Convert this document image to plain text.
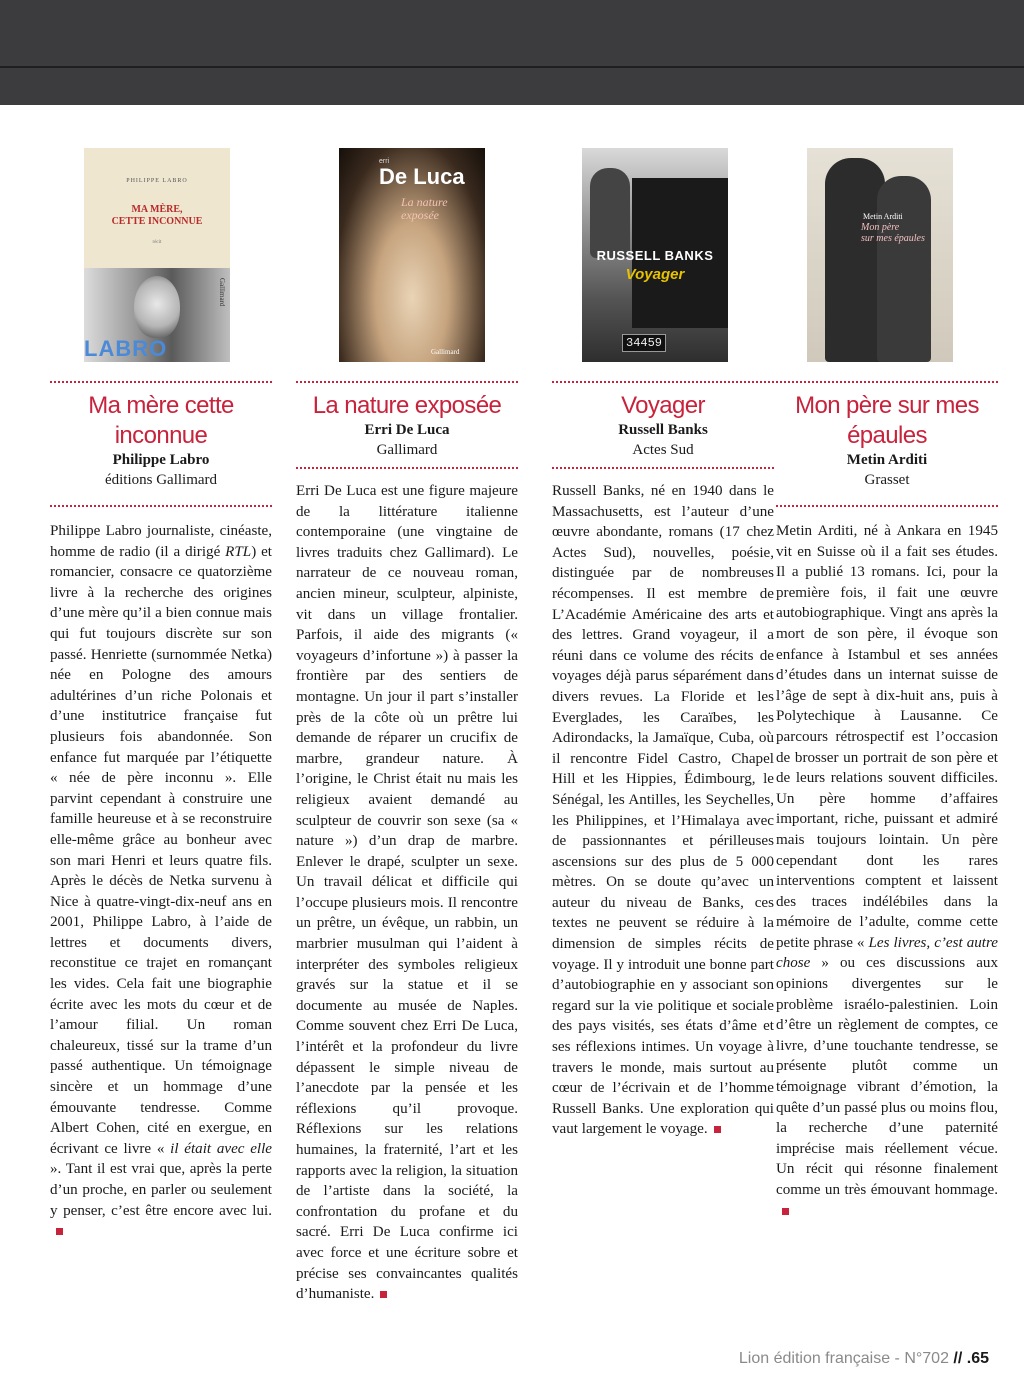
PHILIPPE LABRO
MA MÈRE,
CETTE INCONNUE
récit
Gallimard
LABRO
Ma mère cette inconnue
Philippe Labro
éditions Gallimard

Philippe Labro journaliste, cinéaste, homme de radio (il a dirigé RTL) et romancier, consacre ce quatorzième livre à la recherche des origines d’une mère qu’il a bien connue mais qui fut toujours discrète sur son passé. Henriette (surnommée Netka) née en Pologne des amours adultérines d’un riche Polonais et d’une institutrice française fut plusieurs fois abandonnée. Son enfance fut marquée par l’étiquette « née de père inconnu ». Elle parvint cependant à construire une famille heureuse et à se reconstruire elle-même grâce au bonheur avec son mari Henri et leurs quatre fils. Après le décès de Netka survenu à Nice à quatre-vingt-dix-neuf ans en 2001, Philippe Labro, à l’aide de lettres et documents divers, reconstitue ce trajet en romançant les vides. Cela fait une biographie écrite avec les mots du cœur et de l’amour filial. Un roman chaleureux, tissé sur la trame d’un passé authentique. Un témoignage sincère et un hommage d’une émouvante tendresse. Comme Albert Cohen, cité en exergue, en écrivant ce livre « il était avec elle ». Tant il est vrai que, après la perte d’un proche, en parler ou seulement y penser, c’est être encore avec lui.

erri
De Luca
La nature
exposée
Gallimard
La nature exposée
Erri De Luca
Gallimard

Erri De Luca est une figure majeure de la littérature italienne contemporaine (une vingtaine de livres traduits chez Gallimard). Le narrateur de ce nouveau roman, ancien mineur, sculpteur, alpiniste, vit dans un village frontalier. Parfois, il aide des migrants (« voyageurs d’infortune ») à passer la frontière par des sentiers de montagne. Un jour il part s’installer près de la côte où un prêtre lui demande de réparer un crucifix de marbre, grandeur nature. À l’origine, le Christ était nu mais les religieux avaient demandé au sculpteur de couvrir son sexe (sa « nature ») d’un drap de marbre. Enlever le drapé, sculpter un sexe. Un travail délicat et difficile qui l’occupe plusieurs mois. Il rencontre un prêtre, un évêque, un rabbin, un marbrier musulman qui l’aident à interpréter des symboles religieux gravés sur la statue et il se documente au musée de Naples. Comme souvent chez Erri De Luca, l’intérêt et la profondeur du livre dépassent le simple niveau de l’anecdote par la pensée et les réflexions qu’il provoque. Réflexions sur les relations humaines, la fraternité, l’art et les rapports avec la religion, la situation de l’artiste dans la société, la confrontation du profane et du sacré. Erri De Luca confirme ici avec force et une écriture sobre et précise ses convaincantes qualités d’humaniste.

RUSSELL BANKS
Voyager
34459
Voyager
Russell Banks
Actes Sud

Russell Banks, né en 1940 dans le Massachusetts, est l’auteur d’une œuvre abondante, romans (17 chez Actes Sud), nouvelles, poésie, distinguée par de nombreuses récompenses. Il est membre de L’Académie Américaine des arts et des lettres. Grand voyageur, il a réuni dans ce volume des récits de voyages déjà parus séparément dans divers revues. La Floride et les Everglades, les Caraïbes, les Adirondacks, la Jamaïque, Cuba, où il rencontre Fidel Castro, Chapel Hill et les Hippies, Édimbourg, le Sénégal, les Antilles, les Seychelles, les Philippines, et l’Himalaya avec de passionnantes et périlleuses ascensions sur des plus de 5 000 mètres. On se doute qu’avec un auteur du niveau de Banks, ces textes ne peuvent se réduire à la dimension de simples récits de voyage. Il y introduit une bonne part d’autobiographie en y associant son regard sur la vie politique et sociale des pays visités, ses états d’âme et ses réflexions intimes. Un voyage à travers le monde, mais surtout au cœur de l’écrivain et de l’homme Russell Banks. Une exploration qui vaut largement le voyage.

Metin Arditi
Mon père
sur mes épaules
Mon père sur mes épaules
Metin Arditi
Grasset

Metin Arditi, né à Ankara en 1945 vit en Suisse où il a fait ses études. Il a publié 13 romans. Ici, pour la première fois, il fait une œuvre autobiographique. Vingt ans après la mort de son père, il évoque son enfance à Istambul et ses années d’études dans un internat suisse de l’âge de sept à dix-huit ans, puis à Polytechique à Lausanne. Ce parcours rétrospectif est l’occasion de brosser un portrait de son père et de leurs relations souvent difficiles. Un père homme d’affaires important, riche, puissant et admiré mais toujours lointain. Un père cependant dont les rares interventions comptent et laissent des traces indélébiles dans la mémoire de l’adulte, comme cette petite phrase « Les livres, c’est autre chose » ou ces discussions aux opinions divergentes sur le problème israélo-palestinien. Loin d’être un règlement de comptes, ce livre, d’une touchante tendresse, se présente plutôt comme un témoignage vibrant d’émotion, la quête d’un passé plus ou moins flou, la recherche d’une paternité imprécise mais réellement vécue. Un récit qui résonne finalement comme un très émouvant hommage.

Lion édition française - N°702 // .65
